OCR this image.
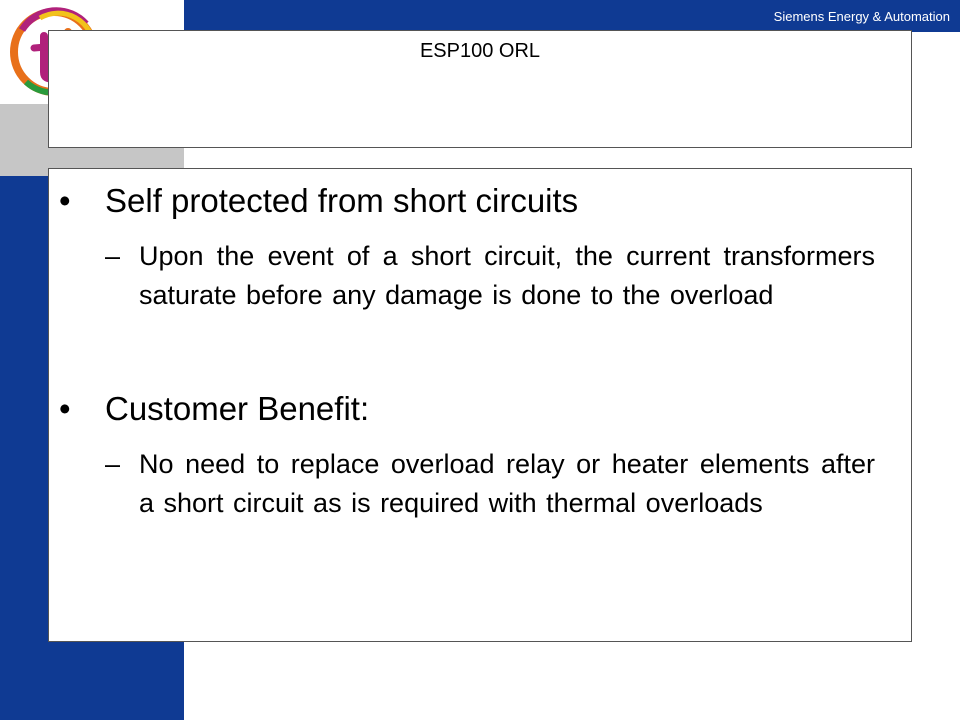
Siemens Energy & Automation
ESP100 ORL
•	Self protected from short circuits
– Upon the event of a short circuit, the current transformers saturate before any damage is done to the overload
•	Customer Benefit:
– No need to replace overload relay or heater elements after a short circuit as is required with thermal overloads
